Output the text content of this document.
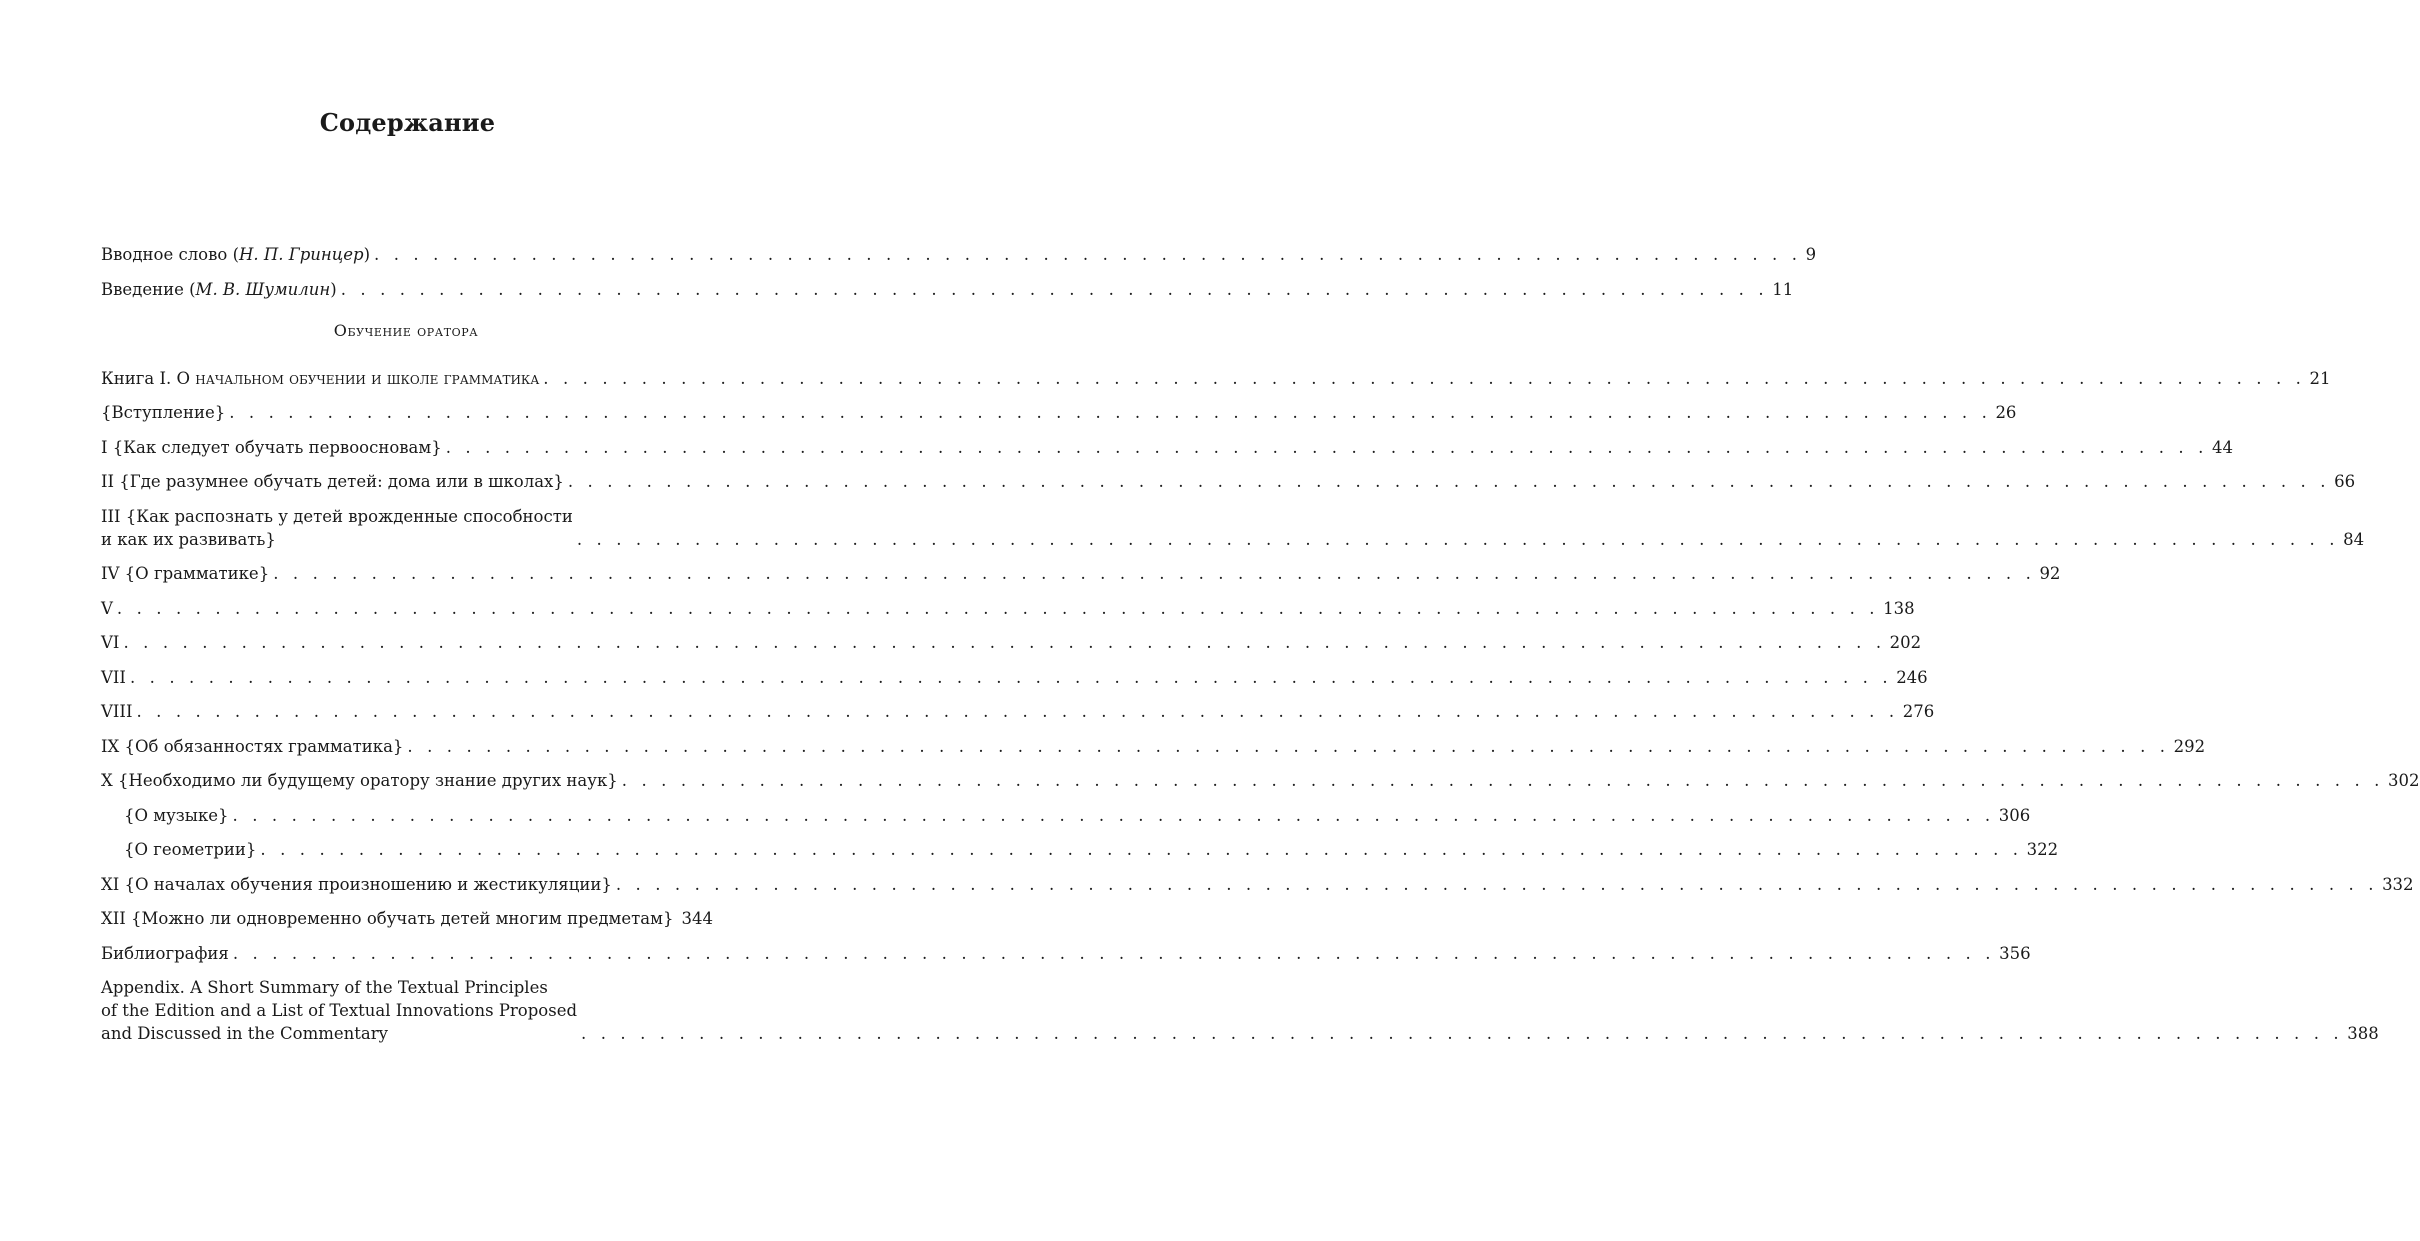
Содержание
Вводное слово (Н. П. Гринцер) . . . . . . . . . . . . . . . . . . . . . . . . . . . . . . . . . . . . . . . . . . . . . . . . . . . . . . . . . . . . . . . . . . . . . . . . . 9
Введение (М. В. Шумилин) . . . . . . . . . . . . . . . . . . . . . . . . . . . . . . . . . . . . . . . . . . . . . . . . . . . . . . . . . . . . . . . . . . . . . . . . . 11
Обучение оратора
Книга I. О начальном обучении и школе грамматика . . . . . . . . . . . . . . . . . . . . . . . . . . . . . . . . . . . . . . . . . . . . . . . . . . . . . . . . . . . . . . . . . . . . . . . . . . . . . . . . . . . . . . . . . . 21
{Вступление} . . . . . . . . . . . . . . . . . . . . . . . . . . . . . . . . . . . . . . . . . . . . . . . . . . . . . . . . . . . . . . . . . . . . . . . . . . . . . . . . . . . . . . . . . . 26
I {Как следует обучать первоосновам} . . . . . . . . . . . . . . . . . . . . . . . . . . . . . . . . . . . . . . . . . . . . . . . . . . . . . . . . . . . . . . . . . . . . . . . . . . . . . . . . . . . . . . . . . . 44
II {Где разумнее обучать детей: дома или в школах} . . . . . . . . . . . . . . . . . . . . . . . . . . . . . . . . . . . . . . . . . . . . . . . . . . . . . . . . . . . . . . . . . . . . . . . . . . . . . . . . . . . . . . . . . . 66
III {Как распознать у детей врожденные способности
и как их развивать}	. . . . . . . . . . . . . . . . . . . . . . . . . . . . . . . . . . . . . . . . . . . . . . . . . . . . . . . . . . . . . . . . . . . . . . . . . . . . . . . . . . . . . . . . . . 84
IV {О грамматике} . . . . . . . . . . . . . . . . . . . . . . . . . . . . . . . . . . . . . . . . . . . . . . . . . . . . . . . . . . . . . . . . . . . . . . . . . . . . . . . . . . . . . . . . . . 92
V . . . . . . . . . . . . . . . . . . . . . . . . . . . . . . . . . . . . . . . . . . . . . . . . . . . . . . . . . . . . . . . . . . . . . . . . . . . . . . . . . . . . . . . . . . 138
VI . . . . . . . . . . . . . . . . . . . . . . . . . . . . . . . . . . . . . . . . . . . . . . . . . . . . . . . . . . . . . . . . . . . . . . . . . . . . . . . . . . . . . . . . . . 202
VII . . . . . . . . . . . . . . . . . . . . . . . . . . . . . . . . . . . . . . . . . . . . . . . . . . . . . . . . . . . . . . . . . . . . . . . . . . . . . . . . . . . . . . . . . . 246
VIII . . . . . . . . . . . . . . . . . . . . . . . . . . . . . . . . . . . . . . . . . . . . . . . . . . . . . . . . . . . . . . . . . . . . . . . . . . . . . . . . . . . . . . . . . . 276
IX {Об обязанностях грамматика} . . . . . . . . . . . . . . . . . . . . . . . . . . . . . . . . . . . . . . . . . . . . . . . . . . . . . . . . . . . . . . . . . . . . . . . . . . . . . . . . . . . . . . . . . . 292
X {Необходимо ли будущему оратору знание других наук} . . . . . . . . . . . . . . . . . . . . . . . . . . . . . . . . . . . . . . . . . . . . . . . . . . . . . . . . . . . . . . . . . . . . . . . . . . . . . . . . . . . . . . . . . . 302
{О музыке} . . . . . . . . . . . . . . . . . . . . . . . . . . . . . . . . . . . . . . . . . . . . . . . . . . . . . . . . . . . . . . . . . . . . . . . . . . . . . . . . . . . . . . . . . . 306
{О геометрии} . . . . . . . . . . . . . . . . . . . . . . . . . . . . . . . . . . . . . . . . . . . . . . . . . . . . . . . . . . . . . . . . . . . . . . . . . . . . . . . . . . . . . . . . . . 322
XI {О началах обучения произношению и жестикуляции} . . . . . . . . . . . . . . . . . . . . . . . . . . . . . . . . . . . . . . . . . . . . . . . . . . . . . . . . . . . . . . . . . . . . . . . . . . . . . . . . . . . . . . . . . . 332
XII {Можно ли одновременно обучать детей многим предметам} 344
Библиография . . . . . . . . . . . . . . . . . . . . . . . . . . . . . . . . . . . . . . . . . . . . . . . . . . . . . . . . . . . . . . . . . . . . . . . . . . . . . . . . . . . . . . . . . . 356
Appendix. A Short Summary of the Textual Principles
of the Edition and a List of Textual Innovations Proposed
and Discussed in the Commentary	. . . . . . . . . . . . . . . . . . . . . . . . . . . . . . . . . . . . . . . . . . . . . . . . . . . . . . . . . . . . . . . . . . . . . . . . . . . . . . . . . . . . . . . . . . 388
